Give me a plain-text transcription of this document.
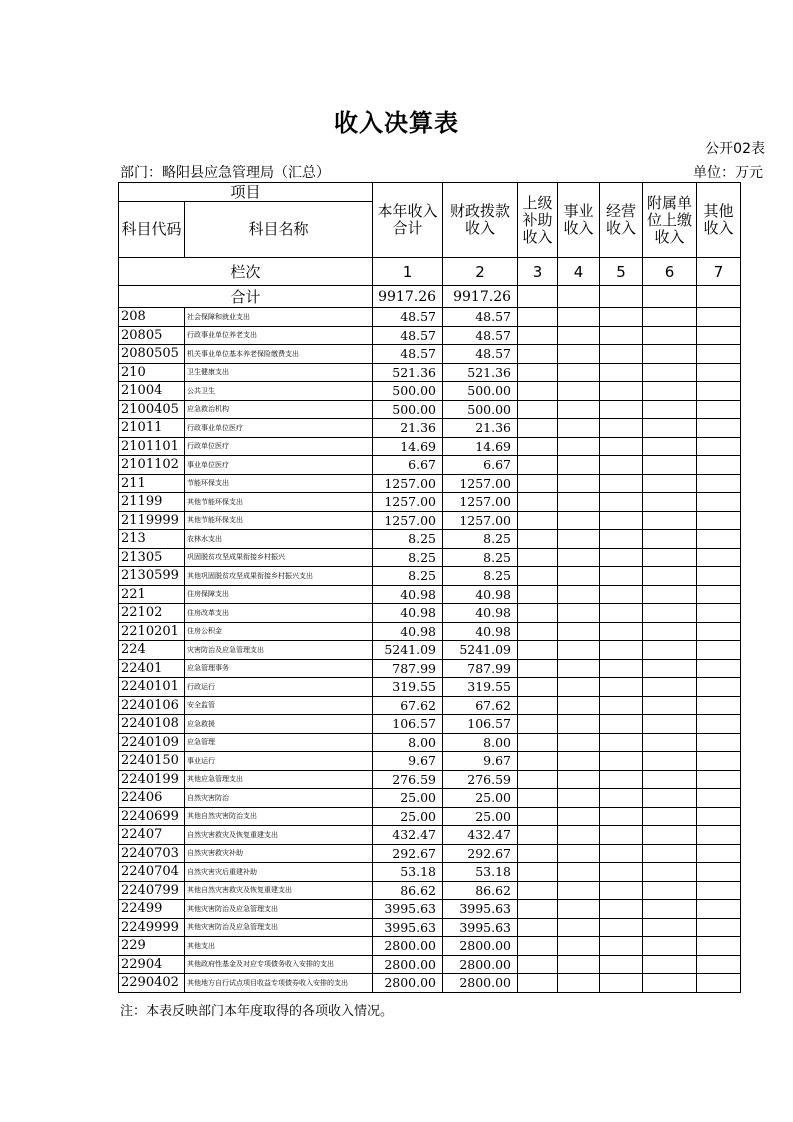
收入决算表
公开02表
部门：略阳县应急管理局（汇总）	单位：万元
项目		本年收入合计	财政拨款收入	上级补助收入	事业收入	经营收入	附属单位上缴收入	其他收入
科目代码	科目名称							
栏次		1	2	3	4	5	6	7
合计		9917.26	9917.26					
208	社会保障和就业支出	48.57	48.57					
20805	行政事业单位养老支出	48.57	48.57					
2080505	机关事业单位基本养老保险缴费支出	48.57	48.57					
210	卫生健康支出	521.36	521.36					
21004	公共卫生	500.00	500.00					
2100405	应急救治机构	500.00	500.00					
21011	行政事业单位医疗	21.36	21.36					
2101101	行政单位医疗	14.69	14.69					
2101102	事业单位医疗	6.67	6.67					
211	节能环保支出	1257.00	1257.00					
21199	其他节能环保支出	1257.00	1257.00					
2119999	其他节能环保支出	1257.00	1257.00					
213	农林水支出	8.25	8.25					
21305	巩固脱贫攻坚成果衔接乡村振兴	8.25	8.25					
2130599	其他巩固脱贫攻坚成果衔接乡村振兴支出	8.25	8.25					
221	住房保障支出	40.98	40.98					
22102	住房改革支出	40.98	40.98					
2210201	住房公积金	40.98	40.98					
224	灾害防治及应急管理支出	5241.09	5241.09					
22401	应急管理事务	787.99	787.99					
2240101	行政运行	319.55	319.55					
2240106	安全监管	67.62	67.62					
2240108	应急救援	106.57	106.57					
2240109	应急管理	8.00	8.00					
2240150	事业运行	9.67	9.67					
2240199	其他应急管理支出	276.59	276.59					
22406	自然灾害防治	25.00	25.00					
2240699	其他自然灾害防治支出	25.00	25.00					
22407	自然灾害救灾及恢复重建支出	432.47	432.47					
2240703	自然灾害救灾补助	292.67	292.67					
2240704	自然灾害灾后重建补助	53.18	53.18					
2240799	其他自然灾害救灾及恢复重建支出	86.62	86.62					
22499	其他灾害防治及应急管理支出	3995.63	3995.63					
2249999	其他灾害防治及应急管理支出	3995.63	3995.63					
229	其他支出	2800.00	2800.00					
22904	其他政府性基金及对应专项债务收入安排的支出	2800.00	2800.00					
2290402	其他地方自行试点项目收益专项债券收入安排的支出	2800.00	2800.00					
注：本表反映部门本年度取得的各项收入情况。
